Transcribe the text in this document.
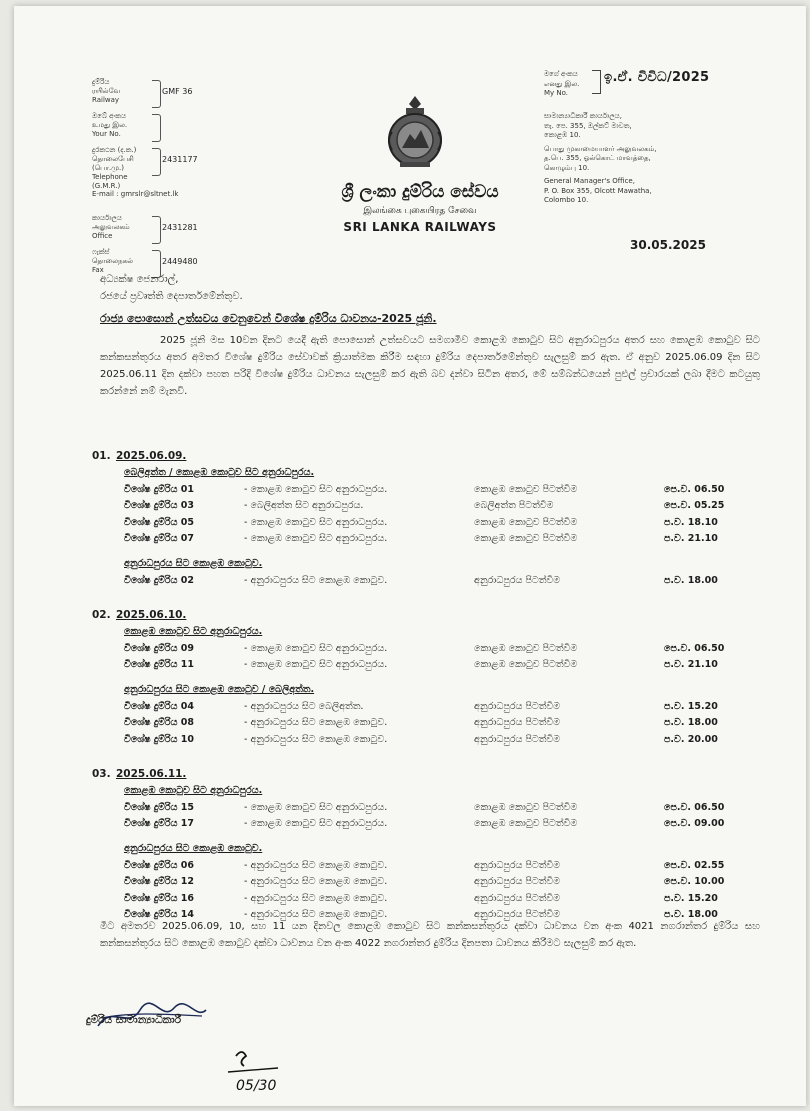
දුම්රිය
ரயில்வே
Railway
GMF 36
ඔබේ අංකය
உமது இல.
Your No.
දුරකථන (ද.ක.)
தொலைபேசி (பொ.மு.)
Telephone (G.M.R.)
2431177
E-mail : gmrslr@sltnet.lk
කාර්යාලය
அலுவலகம்
Office
2431281
ෆැක්ස්
தொலைநகல்
Fax
2449480
ශ්‍රී ලංකා දුම්රිය සේවය
இலங்கை புகையிரத சேவை
SRI LANKA RAILWAYS
මගේ අංකය
எனது இல.
My No.
ඉ.ඒ. විවිධ/2025
සාමාන්‍යාධිකාරී කාර්යාලය,
තැ. පෙ. 355, ඔල්කට් මාවත,
කොළඹ 10.
பொது முகாமையாளர் அலுவலகம்,
த.பெ. 355, ஓல்கொட் மாவத்தை,
கொழும்பு 10.
General Manager's Office,
P. O. Box 355, Olcott Mawatha,
Colombo 10.
30.05.2025
අධ්‍යක්ෂ ජෙනරාල්,
රජයේ ප්‍රවෘත්ති දෙපාර්තමේන්තුව.
රාජ්‍ය පොසොන් උත්සවය වෙනුවෙන් විශේෂ දුම්රිය ධාවනය-2025 ජූනි.
2025 ජූනි මස 10වන දිනට යෙදී ඇති පොසොන් උත්සවයට සමගාමීව කොළඹ කොටුව සිට අනුරාධපුරය අතර සහ කොළඹ කොටුව සිට කන්කසන්තුරය අතර අමතර විශේෂ දුම්රිය සේවාවක් ක්‍රියාත්මක කිරීම සඳහා දුම්රිය දෙපාර්තමේන්තුව සැලසුම් කර ඇත. ඒ අනුව 2025.06.09 දින සිට 2025.06.11 දින දක්වා පහත පරිදි විශේෂ දුම්රිය ධාවනය සැලසුම් කර ඇති බව දන්වා සිටින අතර, මේ සම්බන්ධයෙන් පුළුල් ප්‍රචාරයක් ලබා දීමට කටයුතු කරන්නේ නම් මැනවි.
01. 2025.06.09.
බෙලිඅත්ත / කොළඹ කොටුව සිට අනුරාධපුරය.
විශේෂ දුම්රිය 01	- කොළඹ කොටුව සිට අනුරාධපුරය.	කොළඹ කොටුව පිටත්වීම	පෙ.ව. 06.50
විශේෂ දුම්රිය 03	- බෙලිඅත්ත සිට අනුරාධපුරය.	බෙලිඅත්ත පිටත්වීම	පෙ.ව. 05.25
විශේෂ දුම්රිය 05	- කොළඹ කොටුව සිට අනුරාධපුරය.	කොළඹ කොටුව පිටත්වීම	ප.ව. 18.10
විශේෂ දුම්රිය 07	- කොළඹ කොටුව සිට අනුරාධපුරය.	කොළඹ කොටුව පිටත්වීම	ප.ව. 21.10
අනුරාධපුරය සිට කොළඹ කොටුව.
විශේෂ දුම්රිය 02	- අනුරාධපුරය සිට කොළඹ කොටුව.	අනුරාධපුරය පිටත්වීම	ප.ව. 18.00
02. 2025.06.10.
කොළඹ කොටුව සිට අනුරාධපුරය.
විශේෂ දුම්රිය 09	- කොළඹ කොටුව සිට අනුරාධපුරය.	කොළඹ කොටුව පිටත්වීම	පෙ.ව. 06.50
විශේෂ දුම්රිය 11	- කොළඹ කොටුව සිට අනුරාධපුරය.	කොළඹ කොටුව පිටත්වීම	ප.ව. 21.10
අනුරාධපුරය සිට කොළඹ කොටුව / බෙලිඅත්ත.
විශේෂ දුම්රිය 04	- අනුරාධපුරය සිට බෙලිඅත්ත.	අනුරාධපුරය පිටත්වීම	ප.ව. 15.20
විශේෂ දුම්රිය 08	- අනුරාධපුරය සිට කොළඹ කොටුව.	අනුරාධපුරය පිටත්වීම	ප.ව. 18.00
විශේෂ දුම්රිය 10	- අනුරාධපුරය සිට කොළඹ කොටුව.	අනුරාධපුරය පිටත්වීම	ප.ව. 20.00
03. 2025.06.11.
කොළඹ කොටුව සිට අනුරාධපුරය.
විශේෂ දුම්රිය 15	- කොළඹ කොටුව සිට අනුරාධපුරය.	කොළඹ කොටුව පිටත්වීම	පෙ.ව. 06.50
විශේෂ දුම්රිය 17	- කොළඹ කොටුව සිට අනුරාධපුරය.	කොළඹ කොටුව පිටත්වීම	පෙ.ව. 09.00
අනුරාධපුරය සිට කොළඹ කොටුව.
විශේෂ දුම්රිය 06	- අනුරාධපුරය සිට කොළඹ කොටුව.	අනුරාධපුරය පිටත්වීම	පෙ.ව. 02.55
විශේෂ දුම්රිය 12	- අනුරාධපුරය සිට කොළඹ කොටුව.	අනුරාධපුරය පිටත්වීම	පෙ.ව. 10.00
විශේෂ දුම්රිය 16	- අනුරාධපුරය සිට කොළඹ කොටුව.	අනුරාධපුරය පිටත්වීම	ප.ව. 15.20
විශේෂ දුම්රිය 14	- අනුරාධපුරය සිට කොළඹ කොටුව.	අනුරාධපුරය පිටත්වීම	ප.ව. 18.00
මීට අමතරව 2025.06.09, 10, සහ 11 යන දිනවල කොළඹ කොටුව සිට කන්කසන්තුරය දක්වා ධාවනය වන අංක 4021 නගරාන්තර දුම්රිය සහ කන්කසන්තුරය සිට කොළඹ කොටුව දක්වා ධාවනය වන අංක 4022 නගරාන්තර දුම්රිය දිනපතා ධාවනය කිරීමට සැලසුම් කර ඇත.
දුම්රිය සාමාන්‍යාධිකාරී
05/30
